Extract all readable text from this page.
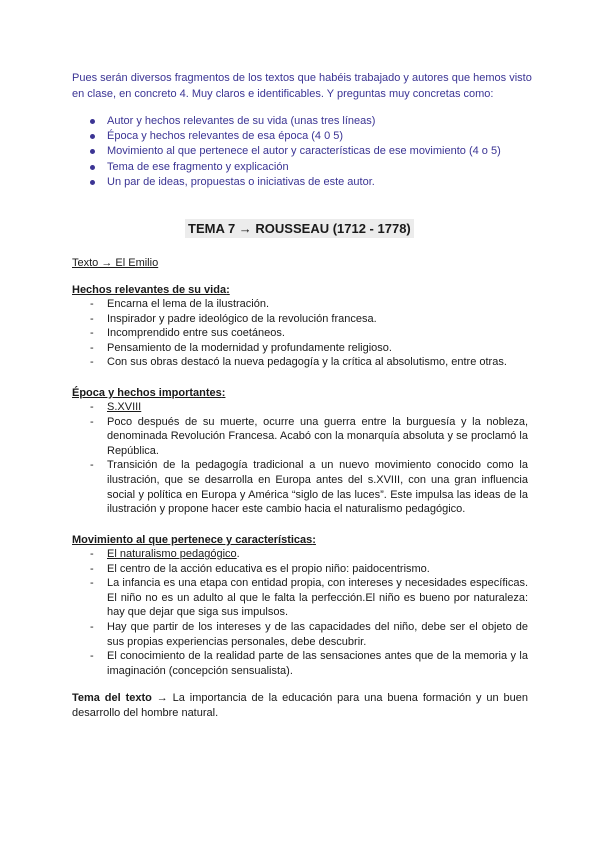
Pues serán diversos fragmentos de los textos que habéis trabajado y autores que hemos visto en clase, en concreto 4. Muy claros e identificables. Y preguntas muy concretas como:

Autor y hechos relevantes de su vida (unas tres líneas)
Época y hechos relevantes de esa época (4 0 5)
Movimiento al que pertenece el autor y características de ese movimiento (4 o 5)
Tema de ese fragmento y explicación
Un par de ideas, propuestas o iniciativas de este autor.
TEMA 7 → ROUSSEAU (1712 - 1778)

Texto → El Emilio

Hechos relevantes de su vida:

- Encarna el lema de la ilustración.
- Inspirador y padre ideológico de la revolución francesa.
- Incomprendido entre sus coetáneos.
- Pensamiento de la modernidad y profundamente religioso.
- Con sus obras destacó la nueva pedagogía y la crítica al absolutismo, entre otras.

Época y hechos importantes:

- S.XVIII
- Poco después de su muerte, ocurre una guerra entre la burguesía y la nobleza, denominada Revolución Francesa. Acabó con la monarquía absoluta y se proclamó la República.
- Transición de la pedagogía tradicional a un nuevo movimiento conocido como la ilustración, que se desarrolla en Europa antes del s.XVIII, con una gran influencia social y política en Europa y América “siglo de las luces”. Este impulsa las ideas de la ilustración y propone hacer este cambio hacia el naturalismo pedagógico.

Movimiento al que pertenece y características:

- El naturalismo pedagógico.
- El centro de la acción educativa es el propio niño: paidocentrismo.
- La infancia es una etapa con entidad propia, con intereses y necesidades específicas. El niño no es un adulto al que le falta la perfección.El niño es bueno por naturaleza: hay que dejar que siga sus impulsos.
- Hay que partir de los intereses y de las capacidades del niño, debe ser el objeto de sus propias experiencias personales, debe descubrir.
- El conocimiento de la realidad parte de las sensaciones antes que de la memoria y la imaginación (concepción sensualista).

Tema del texto → La importancia de la educación para una buena formación y un buen desarrollo del hombre natural.
